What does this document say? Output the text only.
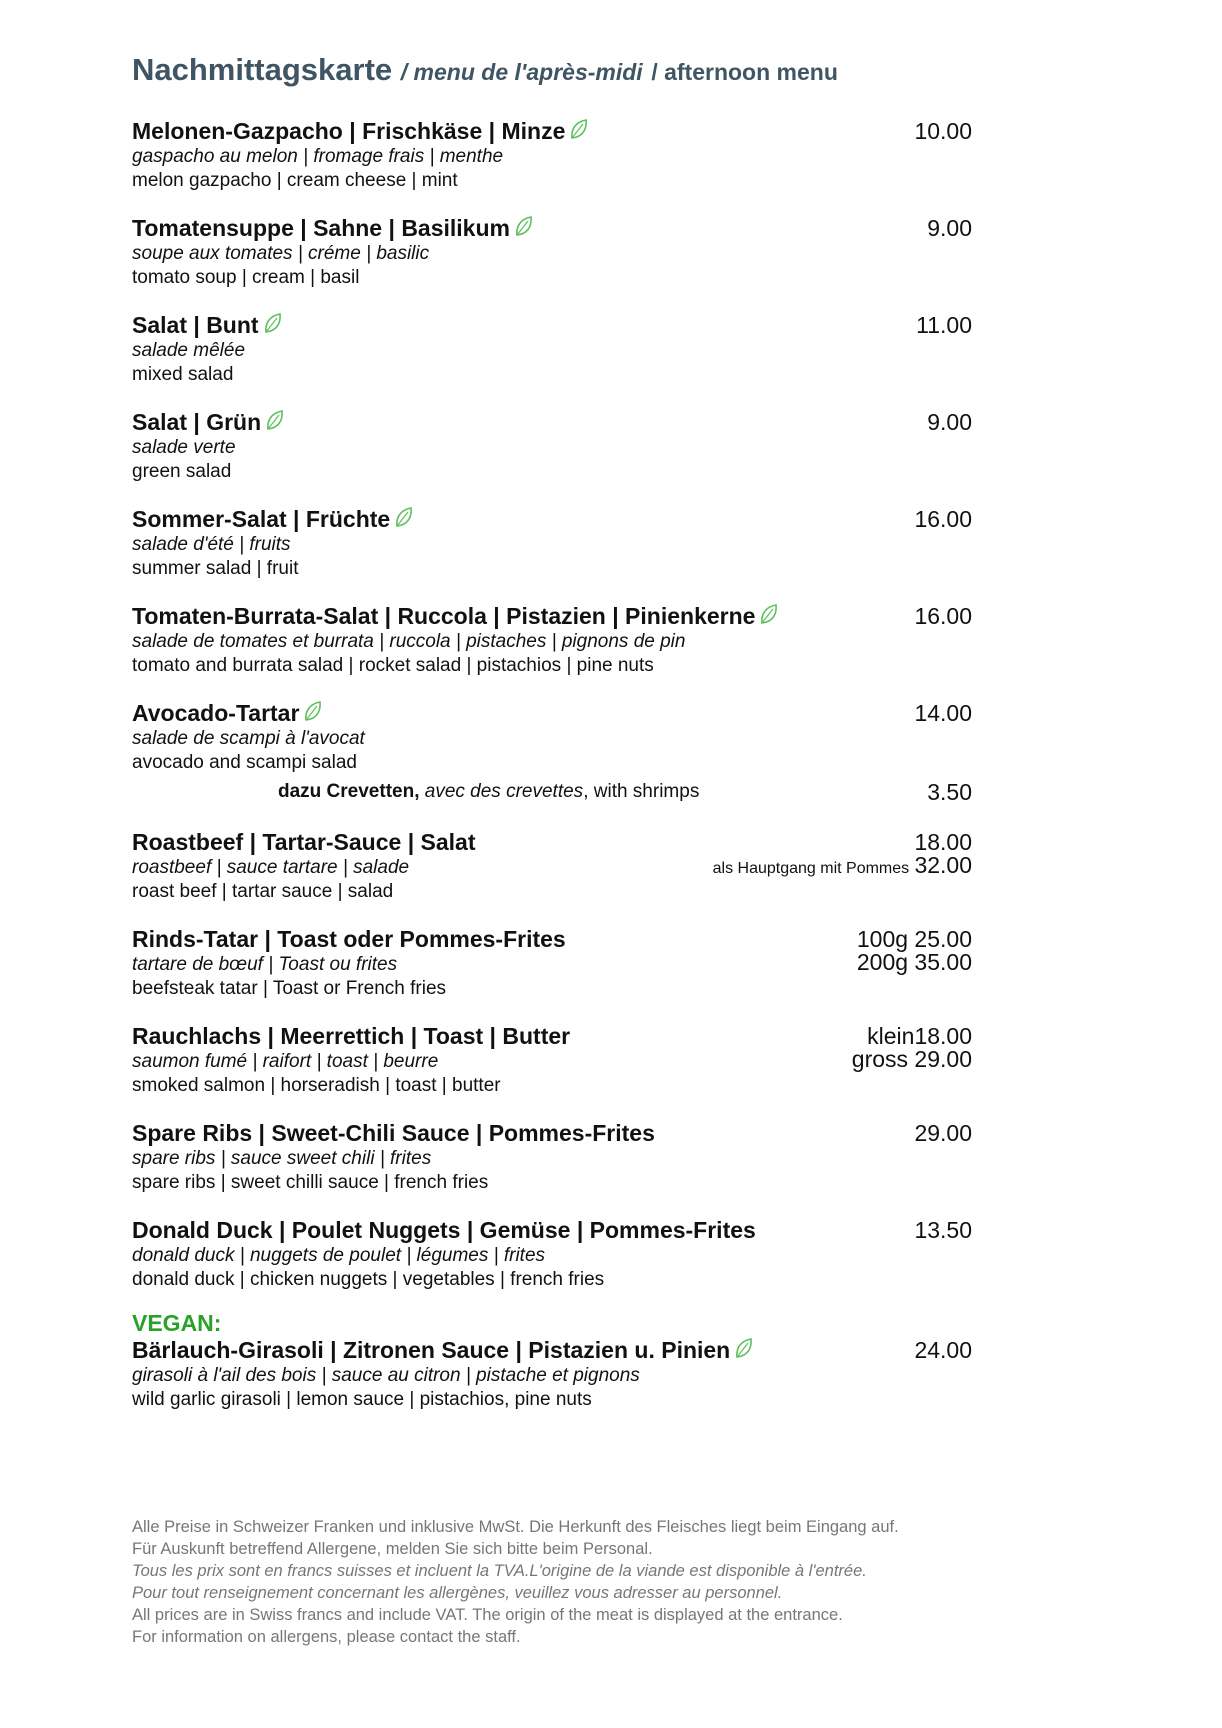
Nachmittagskarte / menu de l'après-midi / afternoon menu
Melonen-Gazpacho | Frischkäse | Minze	10.00
gaspacho au melon | fromage frais | menthe
melon gazpacho | cream cheese | mint
Tomatensuppe | Sahne | Basilikum	9.00
soupe aux tomates | créme | basilic
tomato soup | cream | basil
Salat | Bunt	11.00
salade mêlée
mixed salad
Salat | Grün	9.00
salade verte
green salad
Sommer-Salat | Früchte	16.00
salade d'été | fruits
summer salad | fruit
Tomaten-Burrata-Salat | Ruccola | Pistazien | Pinienkerne	16.00
salade de tomates et burrata | ruccola | pistaches | pignons de pin
tomato and burrata salad | rocket salad | pistachios | pine nuts
Avocado-Tartar	14.00
salade de scampi à l'avocat
avocado and scampi salad
dazu Crevetten, avec des crevettes, with shrimps	3.50
Roastbeef | Tartar-Sauce | Salat	18.00
roastbeef | sauce tartare | salade	als Hauptgang mit Pommes 32.00
roast beef | tartar sauce | salad
Rinds-Tatar | Toast oder Pommes-Frites	100g 25.00
tartare de bœuf | Toast ou frites	200g 35.00
beefsteak tatar | Toast or French fries
Rauchlachs | Meerrettich | Toast | Butter	klein18.00
saumon fumé | raifort | toast | beurre	gross 29.00
smoked salmon | horseradish | toast | butter
Spare Ribs | Sweet-Chili Sauce | Pommes-Frites	29.00
spare ribs | sauce sweet chili | frites
spare ribs | sweet chilli sauce | french fries
Donald Duck | Poulet Nuggets | Gemüse | Pommes-Frites	13.50
donald duck | nuggets de poulet | légumes | frites
donald duck | chicken nuggets | vegetables | french fries
VEGAN:
Bärlauch-Girasoli | Zitronen Sauce | Pistazien u. Pinien	24.00
girasoli à l'ail des bois | sauce au citron | pistache et pignons
wild garlic girasoli | lemon sauce | pistachios, pine nuts
Alle Preise in Schweizer Franken und inklusive MwSt. Die Herkunft des Fleisches liegt beim Eingang auf.
Für Auskunft betreffend Allergene, melden Sie sich bitte beim Personal.
Tous les prix sont en francs suisses et incluent la TVA.L'origine de la viande est disponible à l'entrée.
Pour tout renseignement concernant les allergènes, veuillez vous adresser au personnel.
All prices are in Swiss francs and include VAT. The origin of the meat is displayed at the entrance.
For information on allergens, please contact the staff.
